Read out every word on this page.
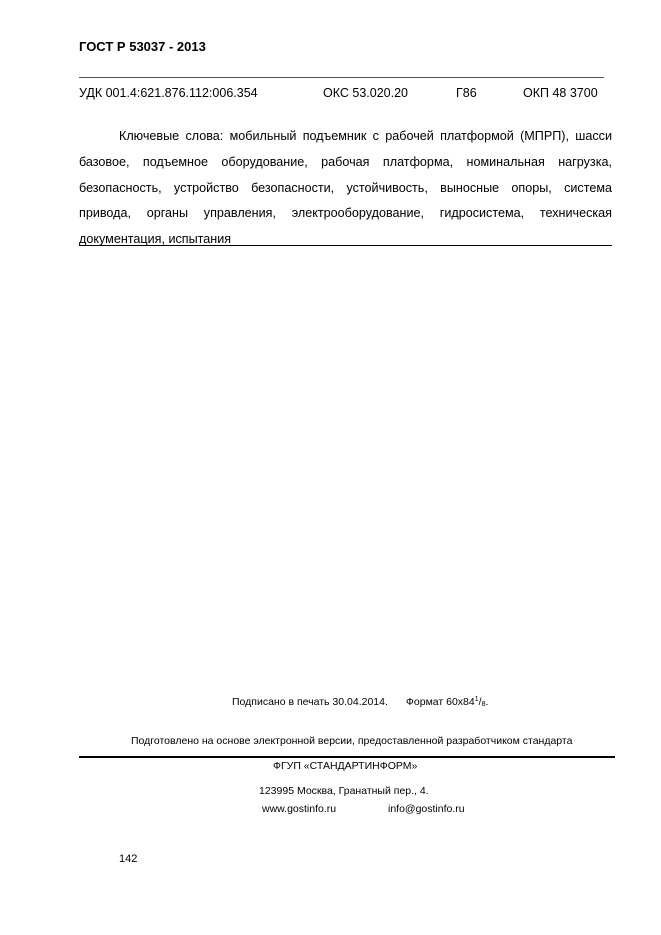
ГОСТ Р 53037 - 2013
УДК 001.4:621.876.112:006.354	ОКС 53.020.20	Г86	ОКП 48 3700
Ключевые слова: мобильный подъемник с рабочей платформой (МПРП), шасси базовое, подъемное оборудование, рабочая платформа, номинальная нагрузка, безопасность, устройство безопасности, устойчивость, выносные опоры, система привода, органы управления, электрооборудование, гидросистема, техническая документация, испытания
Подписано в печать 30.04.2014. Формат $60х84^1/_8$.
Подготовлено на основе электронной версии, предоставленной разработчиком стандарта
ФГУП «СТАНДАРТИНФОРМ»
123995 Москва, Гранатный пер., 4.
www.gostinfo.ru	info@gostinfo.ru
142
